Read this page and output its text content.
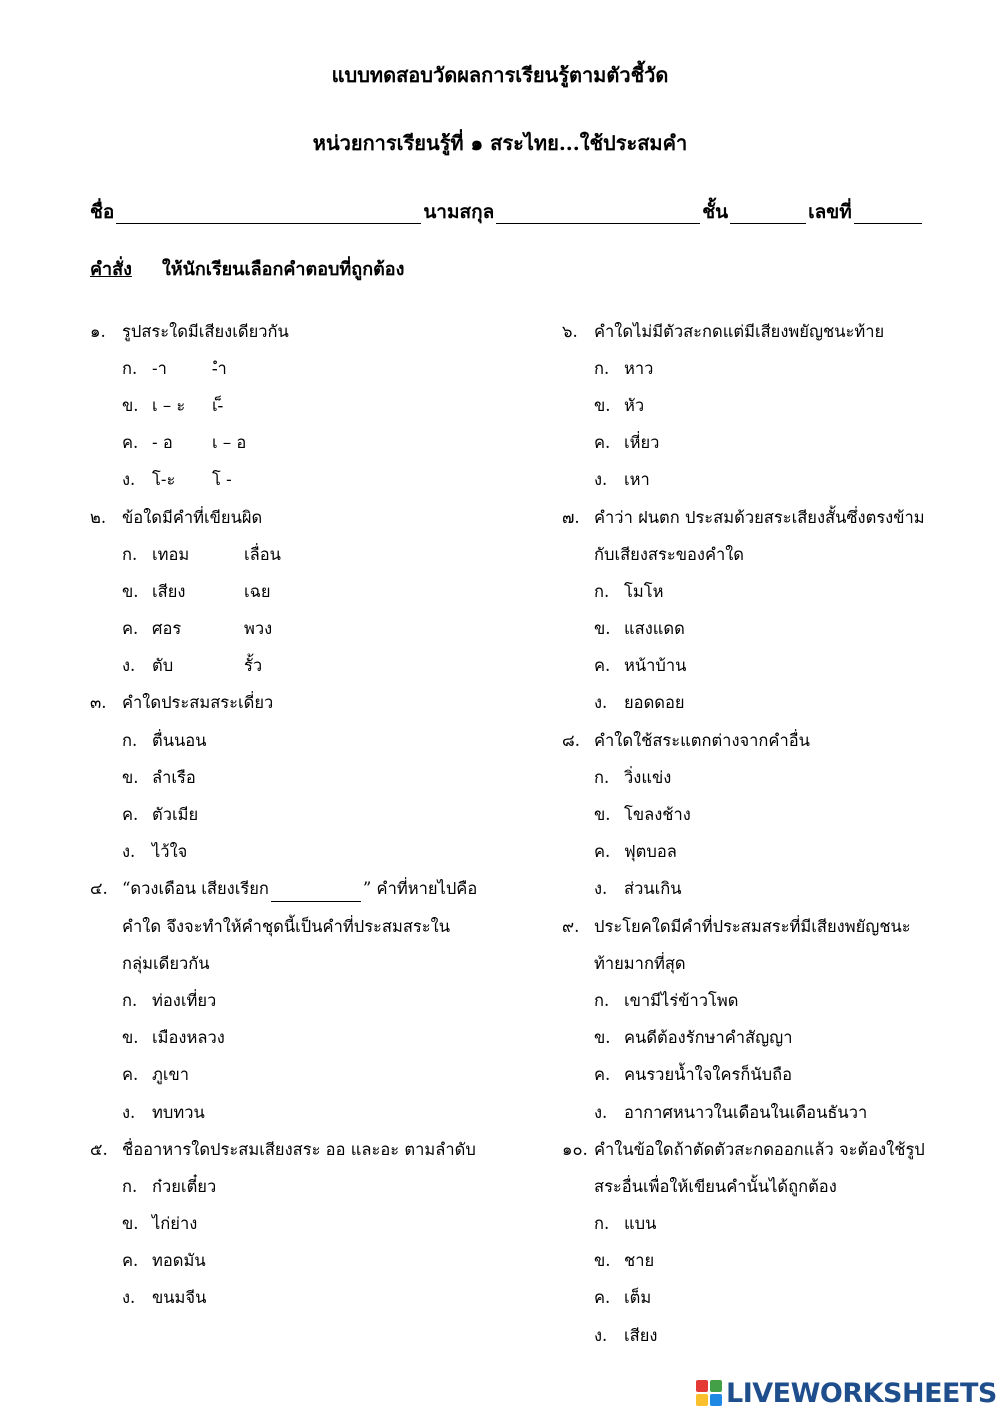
แบบทดสอบวัดผลการเรียนรู้ตามตัวชี้วัด
หน่วยการเรียนรู้ที่ ๑ สระไทย...ใช้ประสมคำ
ชื่อ	นามสกุล	ชั้น	เลขที่
คำสั่ง ให้นักเรียนเลือกคำตอบที่ถูกต้อง
๑. รูปสระใดมีเสียงเดียวกัน
ก. -า	-ำ
ข. เ – ะ	เ-็
ค. - อ	เ – อ
ง.	โ-ะ	โ -
๒. ข้อใดมีคำที่เขียนผิด
ก. เทอม	เลื่อน
ข. เสียง	เฉย
ค. ศอร	พวง
ง.	ตับ	รั้ว
๓. คำใดประสมสระเดี่ยว
ก. ตื่นนอน
ข. ลำเรือ
ค. ตัวเมีย
ง.	ไว้ใจ
๔. “ดวงเดือน เสียงเรียก	” คำที่หายไปคือ
คำใด จึงจะทำให้คำชุดนี้เป็นคำที่ประสมสระใน
กลุ่มเดียวกัน
ก. ท่องเที่ยว
ข. เมืองหลวง
ค. ภูเขา
ง.	ทบทวน
๕. ชื่ออาหารใดประสมเสียงสระ ออ และอะ ตามลำดับ
ก. ก๋วยเตี๋ยว
ข. ไก่ย่าง
ค. ทอดมัน
ง.	ขนมจีน
๖. คำใดไม่มีตัวสะกดแต่มีเสียงพยัญชนะท้าย
ก. หาว
ข. หัว
ค. เหี่ยว
ง.	เหา
๗. คำว่า ฝนตก ประสมด้วยสระเสียงสั้นซึ่งตรงข้าม
กับเสียงสระของคำใด
ก. โมโห
ข. แสงแดด
ค. หน้าบ้าน
ง.	ยอดดอย
๘. คำใดใช้สระแตกต่างจากคำอื่น
ก. วิ่งแข่ง
ข. โขลงช้าง
ค. ฟุตบอล
ง.	ส่วนเกิน
๙. ประโยคใดมีคำที่ประสมสระที่มีเสียงพยัญชนะ
ท้ายมากที่สุด
ก. เขามีไร่ข้าวโพด
ข. คนดีต้องรักษาคำสัญญา
ค. คนรวยน้ำใจใครก็นับถือ
ง.	อากาศหนาวในเดือนในเดือนธันวา
๑๐. คำในข้อใดถ้าตัดตัวสะกดออกแล้ว จะต้องใช้รูป
สระอื่นเพื่อให้เขียนคำนั้นได้ถูกต้อง
ก. แบน
ข. ชาย
ค. เต็ม
ง.	เสียง
LIVEWORKSHEETS
